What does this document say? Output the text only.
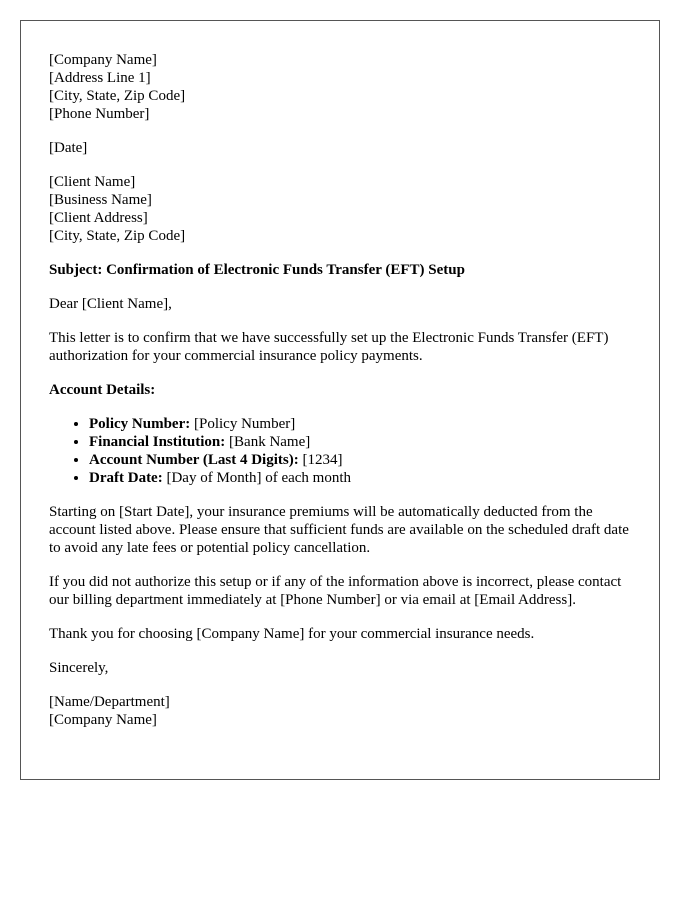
[Company Name]

[Address Line 1]

[City, State, Zip Code]

[Phone Number]

[Date]

[Client Name]

[Business Name]

[Client Address]

[City, State, Zip Code]

Subject: Confirmation of Electronic Funds Transfer (EFT) Setup

Dear [Client Name],

This letter is to confirm that we have successfully set up the Electronic Funds Transfer (EFT) authorization for your commercial insurance policy payments.

Account Details:

• Policy Number: [Policy Number]
• Financial Institution: [Bank Name]
• Account Number (Last 4 Digits): [1234]
• Draft Date: [Day of Month] of each month

Starting on [Start Date], your insurance premiums will be automatically deducted from the account listed above. Please ensure that sufficient funds are available on the scheduled draft date to avoid any late fees or potential policy cancellation.

If you did not authorize this setup or if any of the information above is incorrect, please contact our billing department immediately at [Phone Number] or via email at [Email Address].

Thank you for choosing [Company Name] for your commercial insurance needs.

Sincerely,

[Name/Department]

[Company Name]
